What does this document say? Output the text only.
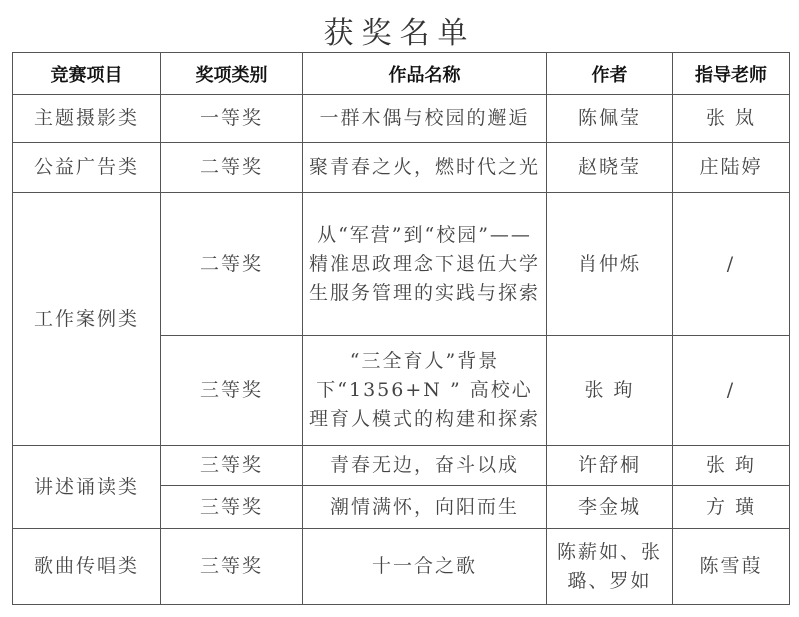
获奖名单
竞赛项目	奖项类别	作品名称	作者	指导老师
主题摄影类	一等奖	一群木偶与校园的邂逅	陈佩莹	张 岚
公益广告类	二等奖	聚青春之火，燃时代之光	赵晓莹	庄陆婷
工作案例类	二等奖	从“军营”到“校园”——精准思政理念下退伍大学生服务管理的实践与探索	肖仲烁	/
	三等奖	“三全育人”背景下“1356+N ” 高校心理育人模式的构建和探索	张 珣	/
讲述诵读类	三等奖	青春无边，奋斗以成	许舒桐	张 珣
	三等奖	潮情满怀，向阳而生	李金城	方 璜
歌曲传唱类	三等奖	十一合之歌	陈薪如、张璐、罗如	陈雪葭
